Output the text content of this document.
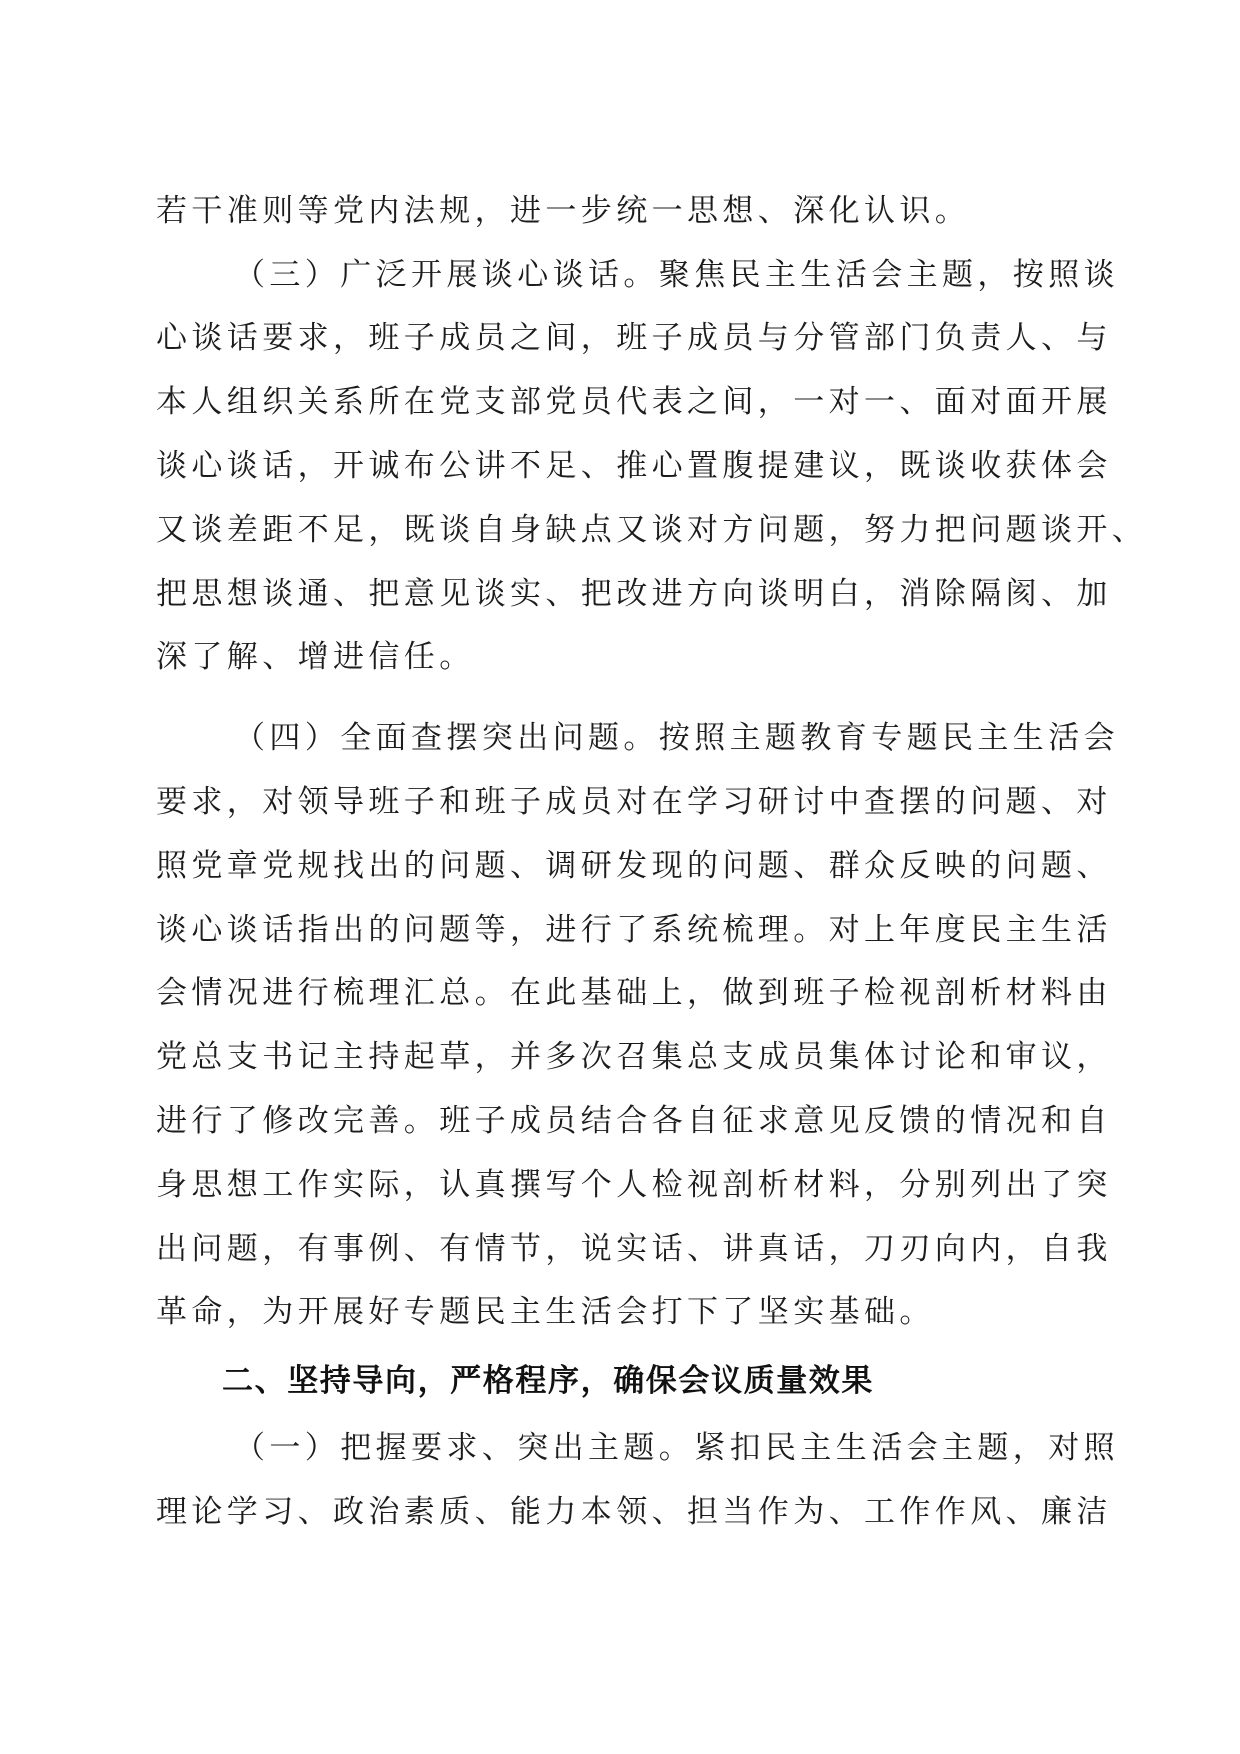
若干准则等党内法规，进一步统一思想、深化认识。
（三）广泛开展谈心谈话。聚焦民主生活会主题，按照谈
心谈话要求，班子成员之间，班子成员与分管部门负责人、与
本人组织关系所在党支部党员代表之间，一对一、面对面开展
谈心谈话，开诚布公讲不足、推心置腹提建议，既谈收获体会
又谈差距不足，既谈自身缺点又谈对方问题，努力把问题谈开、
把思想谈通、把意见谈实、把改进方向谈明白，消除隔阂、加
深了解、增进信任。
（四）全面查摆突出问题。按照主题教育专题民主生活会
要求，对领导班子和班子成员对在学习研讨中查摆的问题、对
照党章党规找出的问题、调研发现的问题、群众反映的问题、
谈心谈话指出的问题等，进行了系统梳理。对上年度民主生活
会情况进行梳理汇总。在此基础上，做到班子检视剖析材料由
党总支书记主持起草，并多次召集总支成员集体讨论和审议，
进行了修改完善。班子成员结合各自征求意见反馈的情况和自
身思想工作实际，认真撰写个人检视剖析材料，分别列出了突
出问题，有事例、有情节，说实话、讲真话，刀刃向内，自我
革命，为开展好专题民主生活会打下了坚实基础。
二、坚持导向，严格程序，确保会议质量效果
（一）把握要求、突出主题。紧扣民主生活会主题，对照
理论学习、政治素质、能力本领、担当作为、工作作风、廉洁
